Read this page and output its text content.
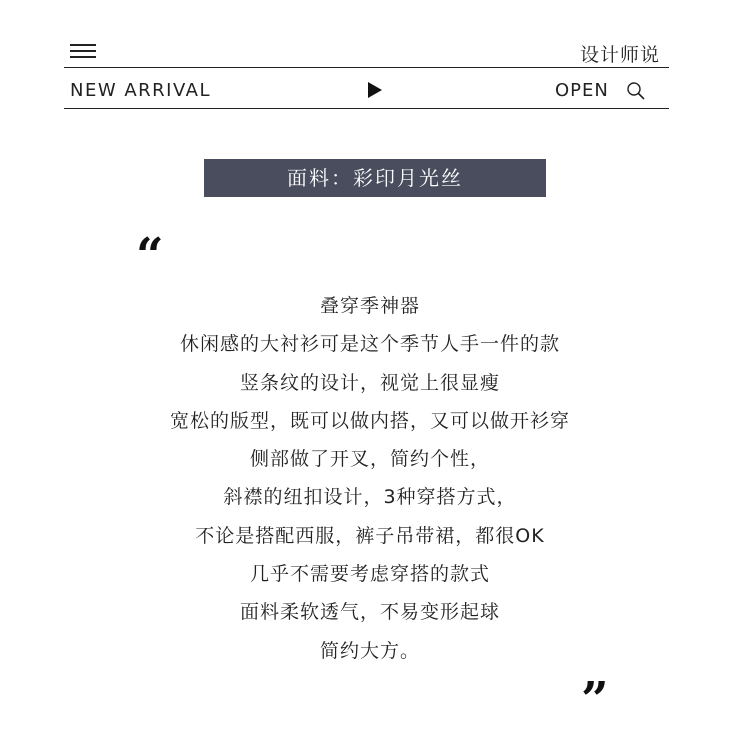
设计师说
NEW ARRIVAL	OPEN
面料：彩印月光丝
“
叠穿季神器
休闲感的大衬衫可是这个季节人手一件的款
竖条纹的设计，视觉上很显瘦
宽松的版型，既可以做内搭，又可以做开衫穿
侧部做了开叉，简约个性，
斜襟的纽扣设计，3种穿搭方式，
不论是搭配西服，裤子吊带裙，都很OK
几乎不需要考虑穿搭的款式
面料柔软透气，不易变形起球
简约大方。
”
